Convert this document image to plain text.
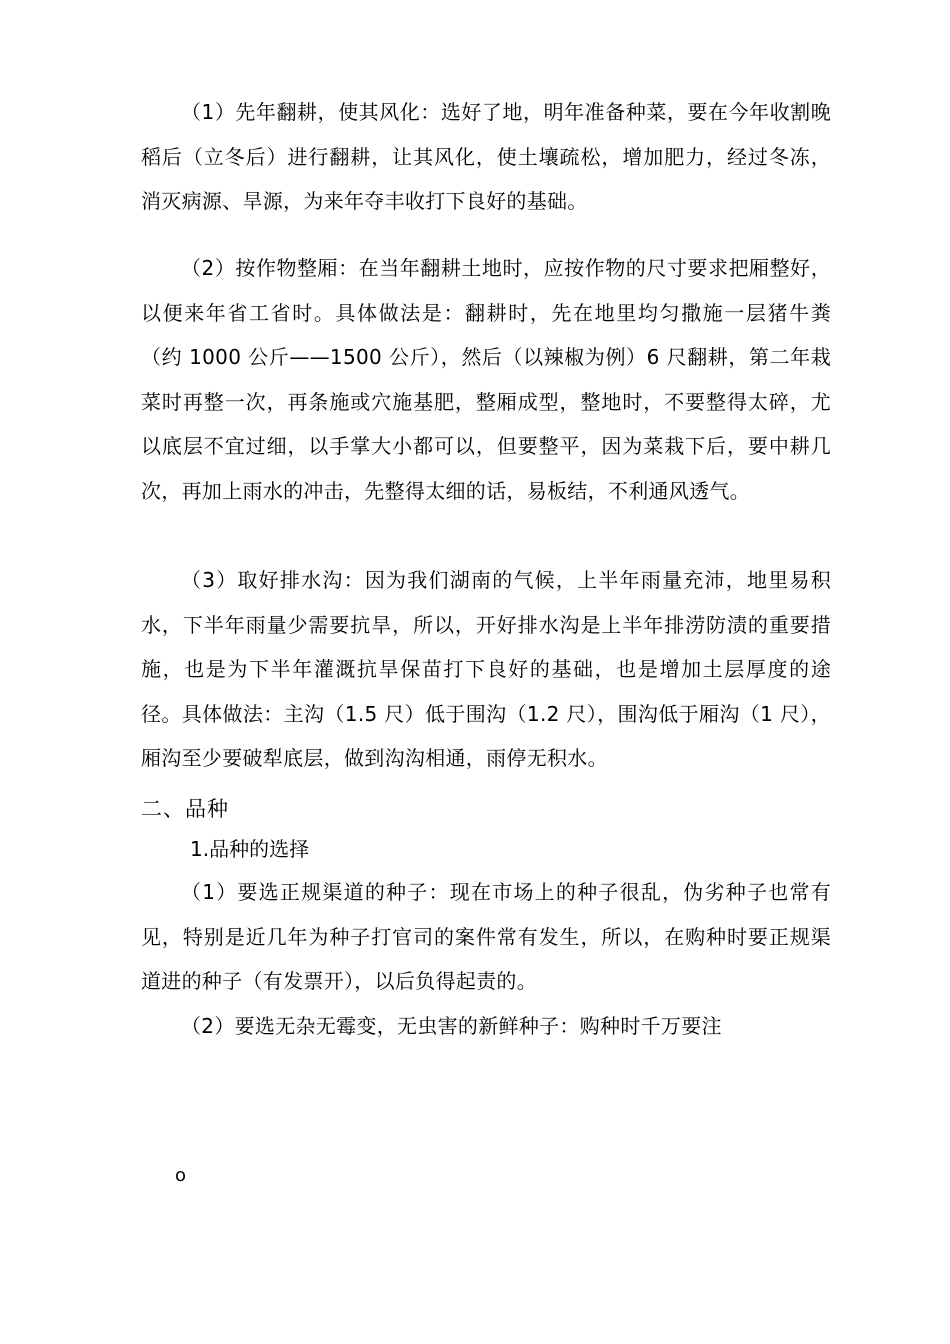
（1）先年翻耕，使其风化：选好了地，明年准备种菜，要在今年收割晚稻后（立冬后）进行翻耕，让其风化，使土壤疏松，增加肥力，经过冬冻，消灭病源、旱源，为来年夺丰收打下良好的基础。

（2）按作物整厢：在当年翻耕土地时，应按作物的尺寸要求把厢整好，以便来年省工省时。具体做法是：翻耕时，先在地里均匀撒施一层猪牛粪（约 1000 公斤——1500 公斤），然后（以辣椒为例）6 尺翻耕，第二年栽菜时再整一次，再条施或穴施基肥，整厢成型，整地时，不要整得太碎，尤以底层不宜过细，以手掌大小都可以，但要整平，因为菜栽下后，要中耕几次，再加上雨水的冲击，先整得太细的话，易板结，不利通风透气。

（3）取好排水沟：因为我们湖南的气候，上半年雨量充沛，地里易积水，下半年雨量少需要抗旱，所以，开好排水沟是上半年排涝防渍的重要措施，也是为下半年灌溉抗旱保苗打下良好的基础，也是增加土层厚度的途径。具体做法：主沟（1.5 尺）低于围沟（1.2 尺），围沟低于厢沟（1 尺），厢沟至少要破犁底层，做到沟沟相通，雨停无积水。

二、品种
1.品种的选择

（1）要选正规渠道的种子：现在市场上的种子很乱，伪劣种子也常有见，特别是近几年为种子打官司的案件常有发生，所以，在购种时要正规渠道进的种子（有发票开），以后负得起责的。

（2）要选无杂无霉变，无虫害的新鲜种子：购种时千万要注

o
